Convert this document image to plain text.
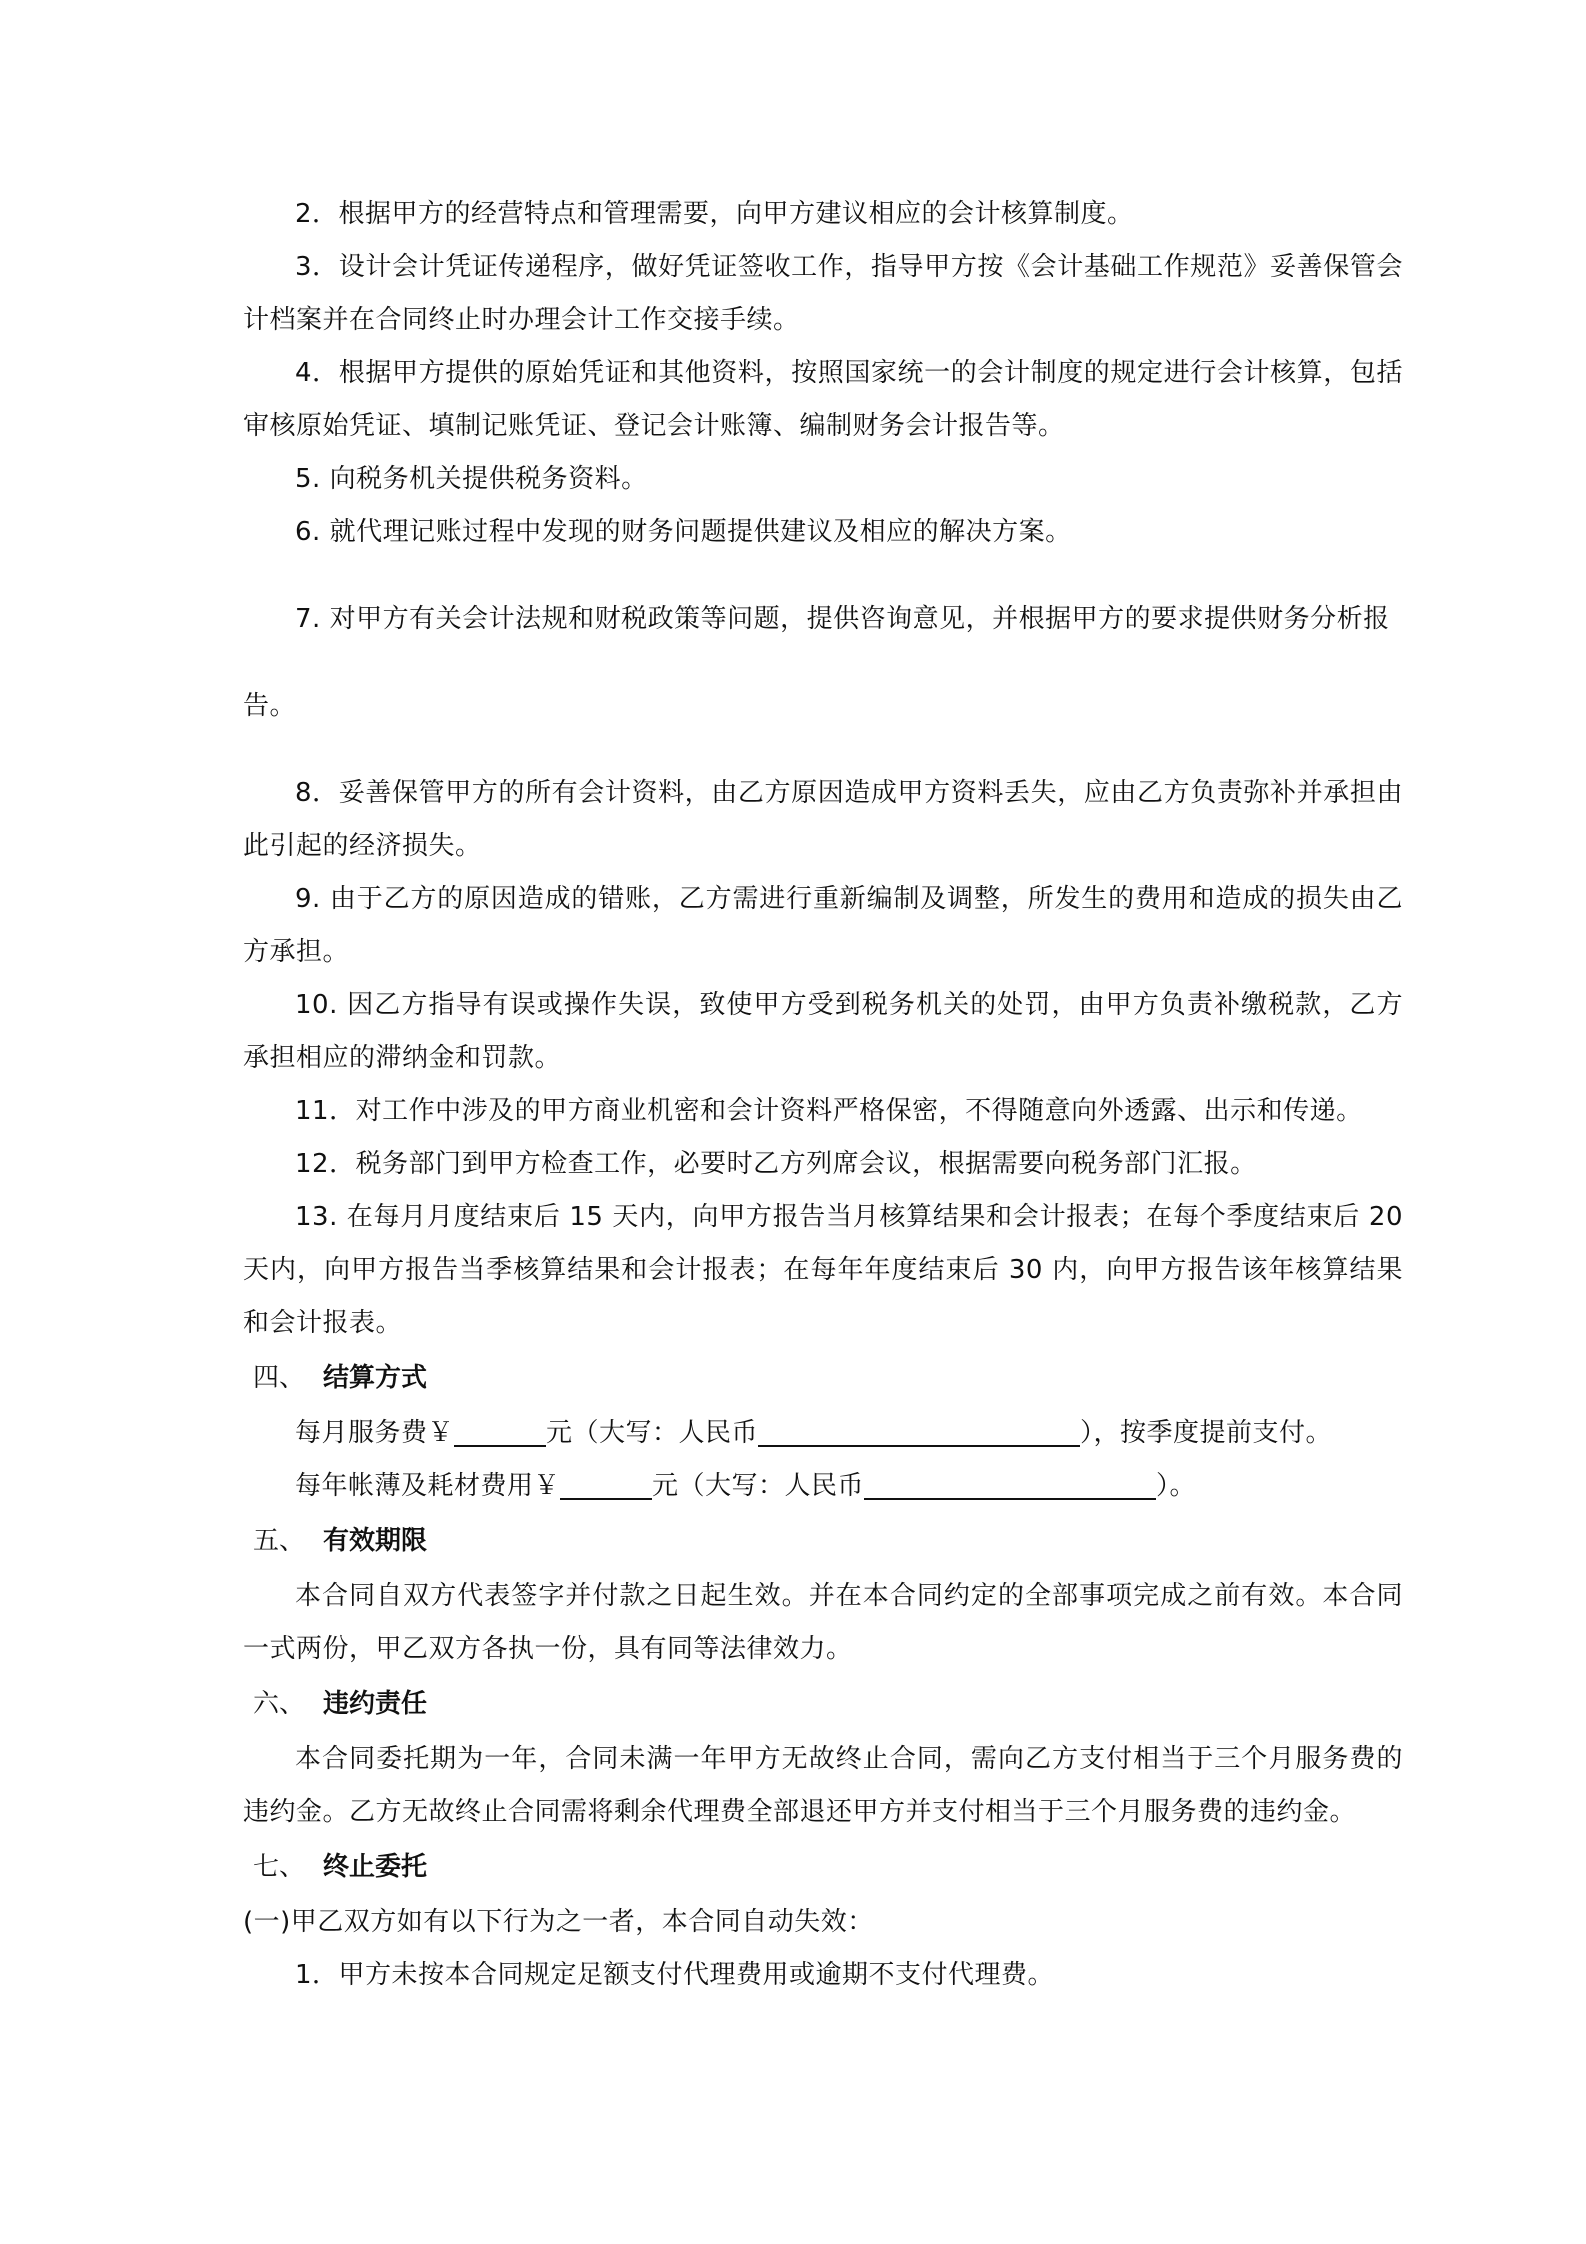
2．根据甲方的经营特点和管理需要，向甲方建议相应的会计核算制度。

3．设计会计凭证传递程序，做好凭证签收工作，指导甲方按《会计基础工作规范》妥善保管会计档案并在合同终止时办理会计工作交接手续。

4．根据甲方提供的原始凭证和其他资料，按照国家统一的会计制度的规定进行会计核算，包括审核原始凭证、填制记账凭证、登记会计账簿、编制财务会计报告等。

5. 向税务机关提供税务资料。

6. 就代理记账过程中发现的财务问题提供建议及相应的解决方案。

7. 对甲方有关会计法规和财税政策等问题，提供咨询意见，并根据甲方的要求提供财务分析报

告。

8．妥善保管甲方的所有会计资料，由乙方原因造成甲方资料丢失，应由乙方负责弥补并承担由此引起的经济损失。

9. 由于乙方的原因造成的错账，乙方需进行重新编制及调整，所发生的费用和造成的损失由乙方承担。

10. 因乙方指导有误或操作失误，致使甲方受到税务机关的处罚，由甲方负责补缴税款，乙方承担相应的滞纳金和罚款。

11．对工作中涉及的甲方商业机密和会计资料严格保密，不得随意向外透露、出示和传递。

12．税务部门到甲方检查工作，必要时乙方列席会议，根据需要向税务部门汇报。

13. 在每月月度结束后 15 天内，向甲方报告当月核算结果和会计报表；在每个季度结束后 20 天内，向甲方报告当季核算结果和会计报表；在每年年度结束后 30 内，向甲方报告该年核算结果和会计报表。

四、 结算方式

每月服务费￥	元（大写：人民币	），按季度提前支付。

每年帐薄及耗材费用￥	元（大写：人民币	）。

五、 有效期限

本合同自双方代表签字并付款之日起生效。并在本合同约定的全部事项完成之前有效。本合同一式两份，甲乙双方各执一份，具有同等法律效力。

六、 违约责任

本合同委托期为一年，合同未满一年甲方无故终止合同，需向乙方支付相当于三个月服务费的违约金。乙方无故终止合同需将剩余代理费全部退还甲方并支付相当于三个月服务费的违约金。

七、 终止委托

(一)甲乙双方如有以下行为之一者，本合同自动失效：

1．甲方未按本合同规定足额支付代理费用或逾期不支付代理费。
